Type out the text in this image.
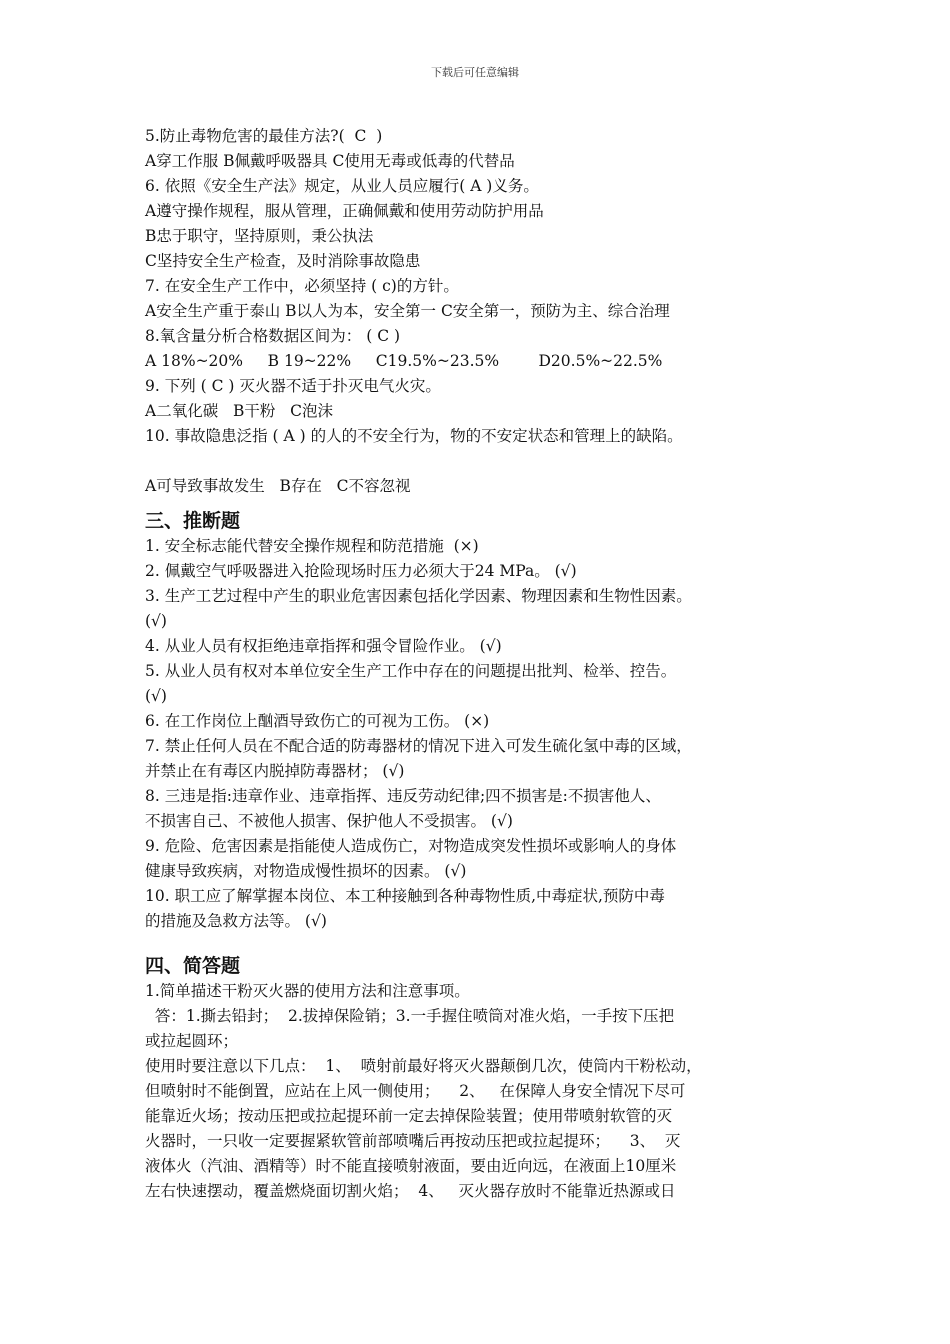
下载后可任意编辑
5.防止毒物危害的最佳方法?(  C  )
A穿工作服 B佩戴呼吸器具 C使用无毒或低毒的代替品
6. 依照《安全生产法》规定，从业人员应履行( A )义务。
A遵守操作规程，服从管理，正确佩戴和使用劳动防护用品
B忠于职守，坚持原则，秉公执法
C坚持安全生产检查，及时消除事故隐患
7. 在安全生产工作中，必须坚持 ( c)的方针。
A安全生产重于泰山 B以人为本，安全第一 C安全第一，预防为主、综合治理
8.氧含量分析合格数据区间为： ( C )
A 18%~20%     B 19~22%     C19.5%~23.5%        D20.5%~22.5%
9. 下列 ( C ) 灭火器不适于扑灭电气火灾。
A二氧化碳   B干粉   C泡沫
10. 事故隐患泛指 ( A ) 的人的不安全行为，物的不安定状态和管理上的缺陷。
A可导致事故发生   B存在   C不容忽视
三、推断题
1. 安全标志能代替安全操作规程和防范措施  (×)
2. 佩戴空气呼吸器进入抢险现场时压力必须大于24 MPa。 (√)
3. 生产工艺过程中产生的职业危害因素包括化学因素、物理因素和生物性因素。
(√)
4. 从业人员有权拒绝违章指挥和强令冒险作业。 (√)
5. 从业人员有权对本单位安全生产工作中存在的问题提出批判、检举、控告。
(√)
6. 在工作岗位上酗酒导致伤亡的可视为工伤。 (×)
7. 禁止任何人员在不配合适的防毒器材的情况下进入可发生硫化氢中毒的区域，
并禁止在有毒区内脱掉防毒器材； (√)
8. 三违是指:违章作业、违章指挥、违反劳动纪律;四不损害是:不损害他人、
不损害自己、不被他人损害、保护他人不受损害。 (√)
9. 危险、危害因素是指能使人造成伤亡，对物造成突发性损坏或影响人的身体
健康导致疾病，对物造成慢性损坏的因素。 (√)
10. 职工应了解掌握本岗位、本工种接触到各种毒物性质,中毒症状,预防中毒
的措施及急救方法等。 (√)
四、简答题
1.简单描述干粉灭火器的使用方法和注意事项。
答：1.撕去铅封；  2.拔掉保险销；3.一手握住喷筒对准火焰，一手按下压把
或拉起圆环；
使用时要注意以下几点：  1、  喷射前最好将灭火器颠倒几次，使筒内干粉松动，
但喷射时不能倒置，应站在上风一侧使用；    2、   在保障人身安全情况下尽可
能靠近火场；按动压把或拉起提环前一定去掉保险装置；使用带喷射软管的灭
火器时，一只收一定要握紧软管前部喷嘴后再按动压把或拉起提环；    3、  灭
液体火（汽油、酒精等）时不能直接喷射液面，要由近向远，在液面上10厘米
左右快速摆动，覆盖燃烧面切割火焰；  4、   灭火器存放时不能靠近热源或日
